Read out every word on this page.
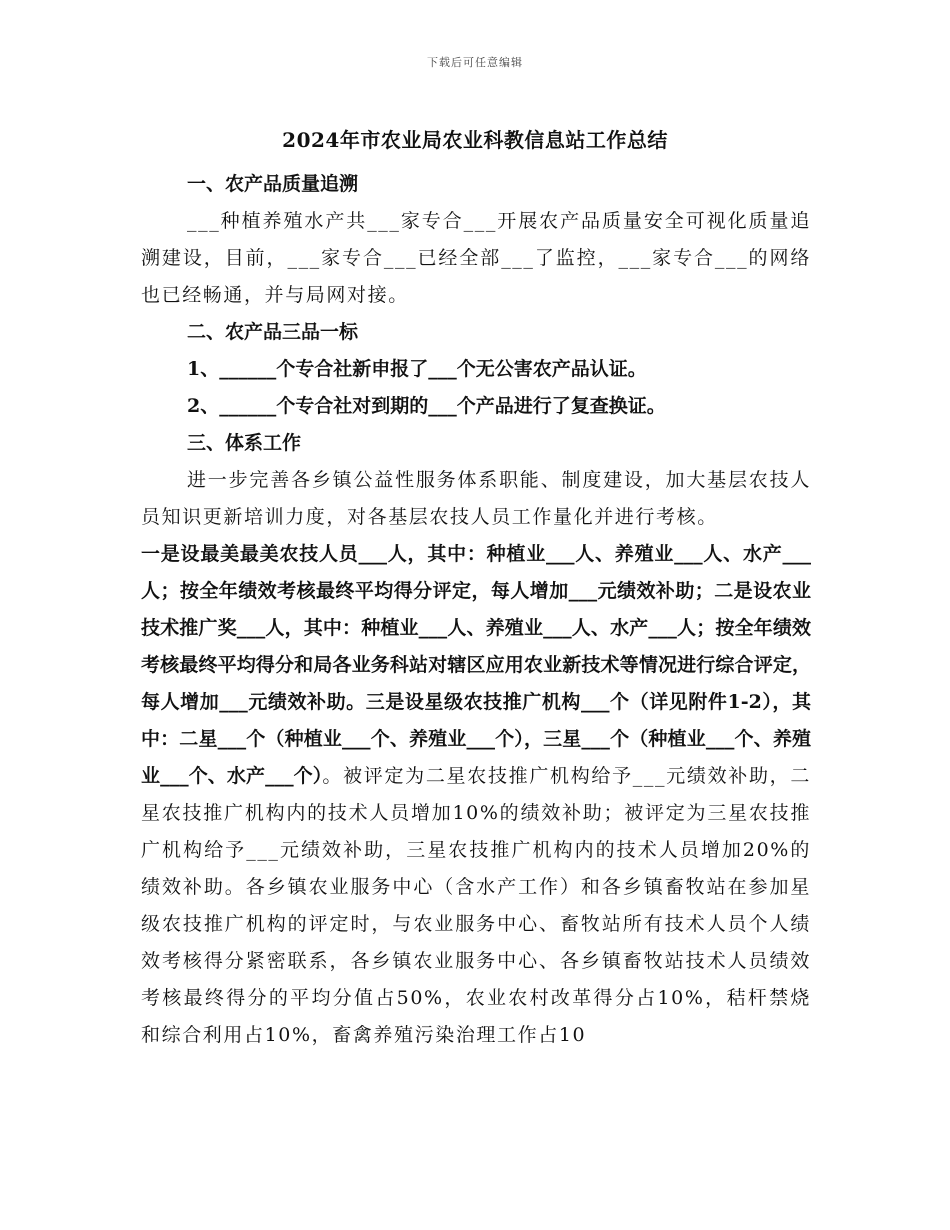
下载后可任意编辑
2024年市农业局农业科教信息站工作总结

一、农产品质量追溯

___种植养殖水产共___家专合___开展农产品质量安全可视化质量追溯建设，目前，___家专合___已经全部___了监控，___家专合___的网络也已经畅通，并与局网对接。

二、农产品三品一标

1、______个专合社新申报了___个无公害农产品认证。

2、______个专合社对到期的___个产品进行了复查换证。

三、体系工作

进一步完善各乡镇公益性服务体系职能、制度建设，加大基层农技人员知识更新培训力度，对各基层农技人员工作量化并进行考核。

一是设最美最美农技人员___人，其中：种植业___人、养殖业___人、水产___人；按全年绩效考核最终平均得分评定，每人增加___元绩效补助；二是设农业技术推广奖___人，其中：种植业___人、养殖业___人、水产___人；按全年绩效考核最终平均得分和局各业务科站对辖区应用农业新技术等情况进行综合评定，每人增加___元绩效补助。三是设星级农技推广机构___个（详见附件1-2），其中：二星___个（种植业___个、养殖业___个），三星___个（种植业___个、养殖业___个、水产___个）。被评定为二星农技推广机构给予___元绩效补助，二星农技推广机构内的技术人员增加10%的绩效补助；被评定为三星农技推广机构给予___元绩效补助，三星农技推广机构内的技术人员增加20%的绩效补助。各乡镇农业服务中心（含水产工作）和各乡镇畜牧站在参加星级农技推广机构的评定时，与农业服务中心、畜牧站所有技术人员个人绩效考核得分紧密联系，各乡镇农业服务中心、各乡镇畜牧站技术人员绩效考核最终得分的平均分值占50%，农业农村改革得分占10%，秸杆禁烧和综合利用占10%，畜禽养殖污染治理工作占10
